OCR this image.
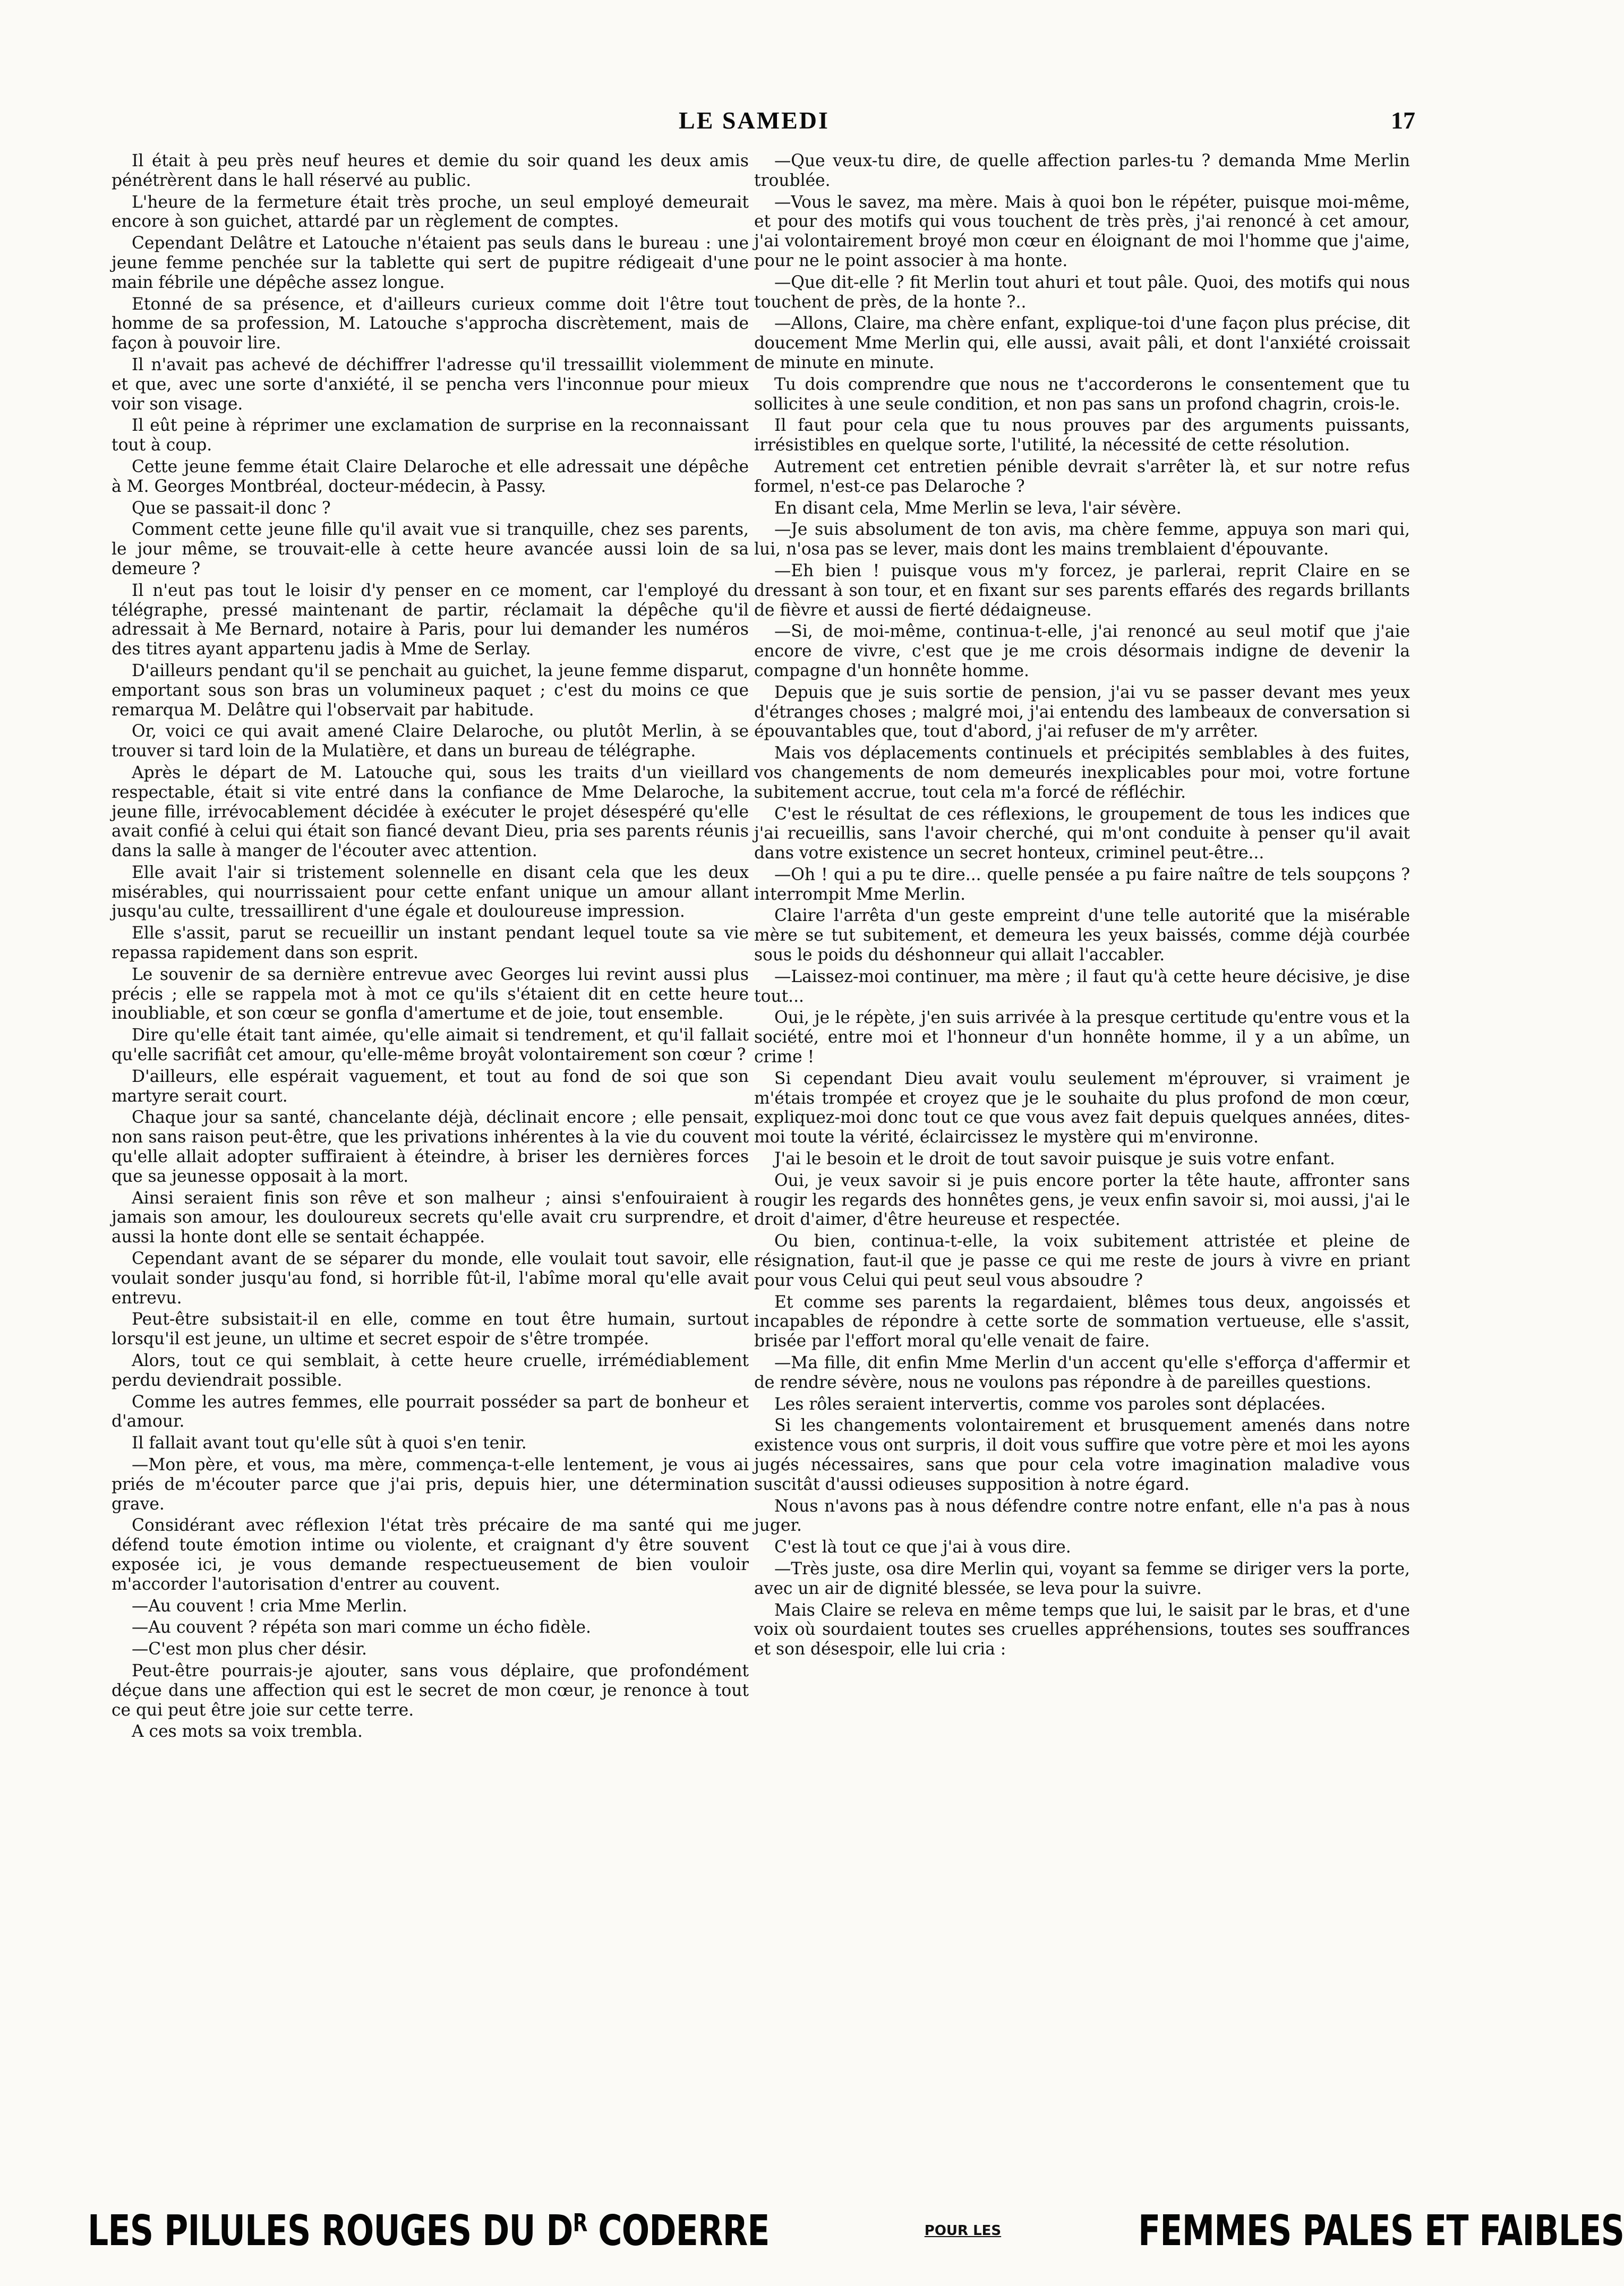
LE SAMEDI	17

Il était à peu près neuf heures et demie du soir quand les deux amis pénétrèrent dans le hall réservé au public.

L'heure de la fermeture était très proche, un seul employé demeurait encore à son guichet, attardé par un règlement de comptes.

Cependant Delâtre et Latouche n'étaient pas seuls dans le bureau : une jeune femme penchée sur la tablette qui sert de pupitre rédigeait d'une main fébrile une dépêche assez longue.

Etonné de sa présence, et d'ailleurs curieux comme doit l'être tout homme de sa profession, M. Latouche s'approcha discrètement, mais de façon à pouvoir lire.

Il n'avait pas achevé de déchiffrer l'adresse qu'il tressaillit violemment et que, avec une sorte d'anxiété, il se pencha vers l'inconnue pour mieux voir son visage.

Il eût peine à réprimer une exclamation de surprise en la reconnaissant tout à coup.

Cette jeune femme était Claire Delaroche et elle adressait une dépêche à M. Georges Montbréal, docteur-médecin, à Passy.

Que se passait-il donc ?

Comment cette jeune fille qu'il avait vue si tranquille, chez ses parents, le jour même, se trouvait-elle à cette heure avancée aussi loin de sa demeure ?

Il n'eut pas tout le loisir d'y penser en ce moment, car l'employé du télégraphe, pressé maintenant de partir, réclamait la dépêche qu'il adressait à Me Bernard, notaire à Paris, pour lui demander les numéros des titres ayant appartenu jadis à Mme de Serlay.

D'ailleurs pendant qu'il se penchait au guichet, la jeune femme disparut, emportant sous son bras un volumineux paquet ; c'est du moins ce que remarqua M. Delâtre qui l'observait par habitude.

Or, voici ce qui avait amené Claire Delaroche, ou plutôt Merlin, à se trouver si tard loin de la Mulatière, et dans un bureau de télégraphe.

Après le départ de M. Latouche qui, sous les traits d'un vieillard respectable, était si vite entré dans la confiance de Mme Delaroche, la jeune fille, irrévocablement décidée à exécuter le projet désespéré qu'elle avait confié à celui qui était son fiancé devant Dieu, pria ses parents réunis dans la salle à manger de l'écouter avec attention.

Elle avait l'air si tristement solennelle en disant cela que les deux misérables, qui nourrissaient pour cette enfant unique un amour allant jusqu'au culte, tressaillirent d'une égale et douloureuse impression.

Elle s'assit, parut se recueillir un instant pendant lequel toute sa vie repassa rapidement dans son esprit.

Le souvenir de sa dernière entrevue avec Georges lui revint aussi plus précis ; elle se rappela mot à mot ce qu'ils s'étaient dit en cette heure inoubliable, et son cœur se gonfla d'amertume et de joie, tout ensemble.

Dire qu'elle était tant aimée, qu'elle aimait si tendrement, et qu'il fallait qu'elle sacrifiât cet amour, qu'elle-même broyât volontairement son cœur ?

D'ailleurs, elle espérait vaguement, et tout au fond de soi que son martyre serait court.

Chaque jour sa santé, chancelante déjà, déclinait encore ; elle pensait, non sans raison peut-être, que les privations inhérentes à la vie du couvent qu'elle allait adopter suffiraient à éteindre, à briser les dernières forces que sa jeunesse opposait à la mort.

Ainsi seraient finis son rêve et son malheur ; ainsi s'enfouiraient à jamais son amour, les douloureux secrets qu'elle avait cru surprendre, et aussi la honte dont elle se sentait échappée.

Cependant avant de se séparer du monde, elle voulait tout savoir, elle voulait sonder jusqu'au fond, si horrible fût-il, l'abîme moral qu'elle avait entrevu.

Peut-être subsistait-il en elle, comme en tout être humain, surtout lorsqu'il est jeune, un ultime et secret espoir de s'être trompée.

Alors, tout ce qui semblait, à cette heure cruelle, irrémédiablement perdu deviendrait possible.

Comme les autres femmes, elle pourrait posséder sa part de bonheur et d'amour.

Il fallait avant tout qu'elle sût à quoi s'en tenir.

—Mon père, et vous, ma mère, commença-t-elle lentement, je vous ai priés de m'écouter parce que j'ai pris, depuis hier, une détermination grave.

Considérant avec réflexion l'état très précaire de ma santé qui me défend toute émotion intime ou violente, et craignant d'y être souvent exposée ici, je vous demande respectueusement de bien vouloir m'accorder l'autorisation d'entrer au couvent.

—Au couvent ! cria Mme Merlin.

—Au couvent ? répéta son mari comme un écho fidèle.

—C'est mon plus cher désir.

Peut-être pourrais-je ajouter, sans vous déplaire, que profondément déçue dans une affection qui est le secret de mon cœur, je renonce à tout ce qui peut être joie sur cette terre.

A ces mots sa voix trembla.

—Que veux-tu dire, de quelle affection parles-tu ? demanda Mme Merlin troublée.

—Vous le savez, ma mère. Mais à quoi bon le répéter, puisque moi-même, et pour des motifs qui vous touchent de très près, j'ai renoncé à cet amour, j'ai volontairement broyé mon cœur en éloignant de moi l'homme que j'aime, pour ne le point associer à ma honte.

—Que dit-elle ? fit Merlin tout ahuri et tout pâle. Quoi, des motifs qui nous touchent de près, de la honte ?..

—Allons, Claire, ma chère enfant, explique-toi d'une façon plus précise, dit doucement Mme Merlin qui, elle aussi, avait pâli, et dont l'anxiété croissait de minute en minute.

Tu dois comprendre que nous ne t'accorderons le consentement que tu sollicites à une seule condition, et non pas sans un profond chagrin, crois-le.

Il faut pour cela que tu nous prouves par des arguments puissants, irrésistibles en quelque sorte, l'utilité, la nécessité de cette résolution.

Autrement cet entretien pénible devrait s'arrêter là, et sur notre refus formel, n'est-ce pas Delaroche ?

En disant cela, Mme Merlin se leva, l'air sévère.

—Je suis absolument de ton avis, ma chère femme, appuya son mari qui, lui, n'osa pas se lever, mais dont les mains tremblaient d'épouvante.

—Eh bien ! puisque vous m'y forcez, je parlerai, reprit Claire en se dressant à son tour, et en fixant sur ses parents effarés des regards brillants de fièvre et aussi de fierté dédaigneuse.

—Si, de moi-même, continua-t-elle, j'ai renoncé au seul motif que j'aie encore de vivre, c'est que je me crois désormais indigne de devenir la compagne d'un honnête homme.

Depuis que je suis sortie de pension, j'ai vu se passer devant mes yeux d'étranges choses ; malgré moi, j'ai entendu des lambeaux de conversation si épouvantables que, tout d'abord, j'ai refuser de m'y arrêter.

Mais vos déplacements continuels et précipités semblables à des fuites, vos changements de nom demeurés inexplicables pour moi, votre fortune subitement accrue, tout cela m'a forcé de réfléchir.

C'est le résultat de ces réflexions, le groupement de tous les indices que j'ai recueillis, sans l'avoir cherché, qui m'ont conduite à penser qu'il avait dans votre existence un secret honteux, criminel peut-être...

—Oh ! qui a pu te dire... quelle pensée a pu faire naître de tels soupçons ? interrompit Mme Merlin.

Claire l'arrêta d'un geste empreint d'une telle autorité que la misérable mère se tut subitement, et demeura les yeux baissés, comme déjà courbée sous le poids du déshonneur qui allait l'accabler.

—Laissez-moi continuer, ma mère ; il faut qu'à cette heure décisive, je dise tout...

Oui, je le répète, j'en suis arrivée à la presque certitude qu'entre vous et la société, entre moi et l'honneur d'un honnête homme, il y a un abîme, un crime !

Si cependant Dieu avait voulu seulement m'éprouver, si vraiment je m'étais trompée et croyez que je le souhaite du plus profond de mon cœur, expliquez-moi donc tout ce que vous avez fait depuis quelques années, dites-moi toute la vérité, éclaircissez le mystère qui m'environne.

J'ai le besoin et le droit de tout savoir puisque je suis votre enfant.

Oui, je veux savoir si je puis encore porter la tête haute, affronter sans rougir les regards des honnêtes gens, je veux enfin savoir si, moi aussi, j'ai le droit d'aimer, d'être heureuse et respectée.

Ou bien, continua-t-elle, la voix subitement attristée et pleine de résignation, faut-il que je passe ce qui me reste de jours à vivre en priant pour vous Celui qui peut seul vous absoudre ?

Et comme ses parents la regardaient, blêmes tous deux, angoissés et incapables de répondre à cette sorte de sommation vertueuse, elle s'assit, brisée par l'effort moral qu'elle venait de faire.

—Ma fille, dit enfin Mme Merlin d'un accent qu'elle s'efforça d'affermir et de rendre sévère, nous ne voulons pas répondre à de pareilles questions.

Les rôles seraient intervertis, comme vos paroles sont déplacées.

Si les changements volontairement et brusquement amenés dans notre existence vous ont surpris, il doit vous suffire que votre père et moi les ayons jugés nécessaires, sans que pour cela votre imagination maladive vous suscitât d'aussi odieuses supposition à notre égard.

Nous n'avons pas à nous défendre contre notre enfant, elle n'a pas à nous juger.

C'est là tout ce que j'ai à vous dire.

—Très juste, osa dire Merlin qui, voyant sa femme se diriger vers la porte, avec un air de dignité blessée, se leva pour la suivre.

Mais Claire se releva en même temps que lui, le saisit par le bras, et d'une voix où sourdaient toutes ses cruelles appréhensions, toutes ses souffrances et son désespoir, elle lui cria :

LES PILULES ROUGES DU $D^R$ CODERRE	POUR LES	FEMMES PALES ET FAIBLES
